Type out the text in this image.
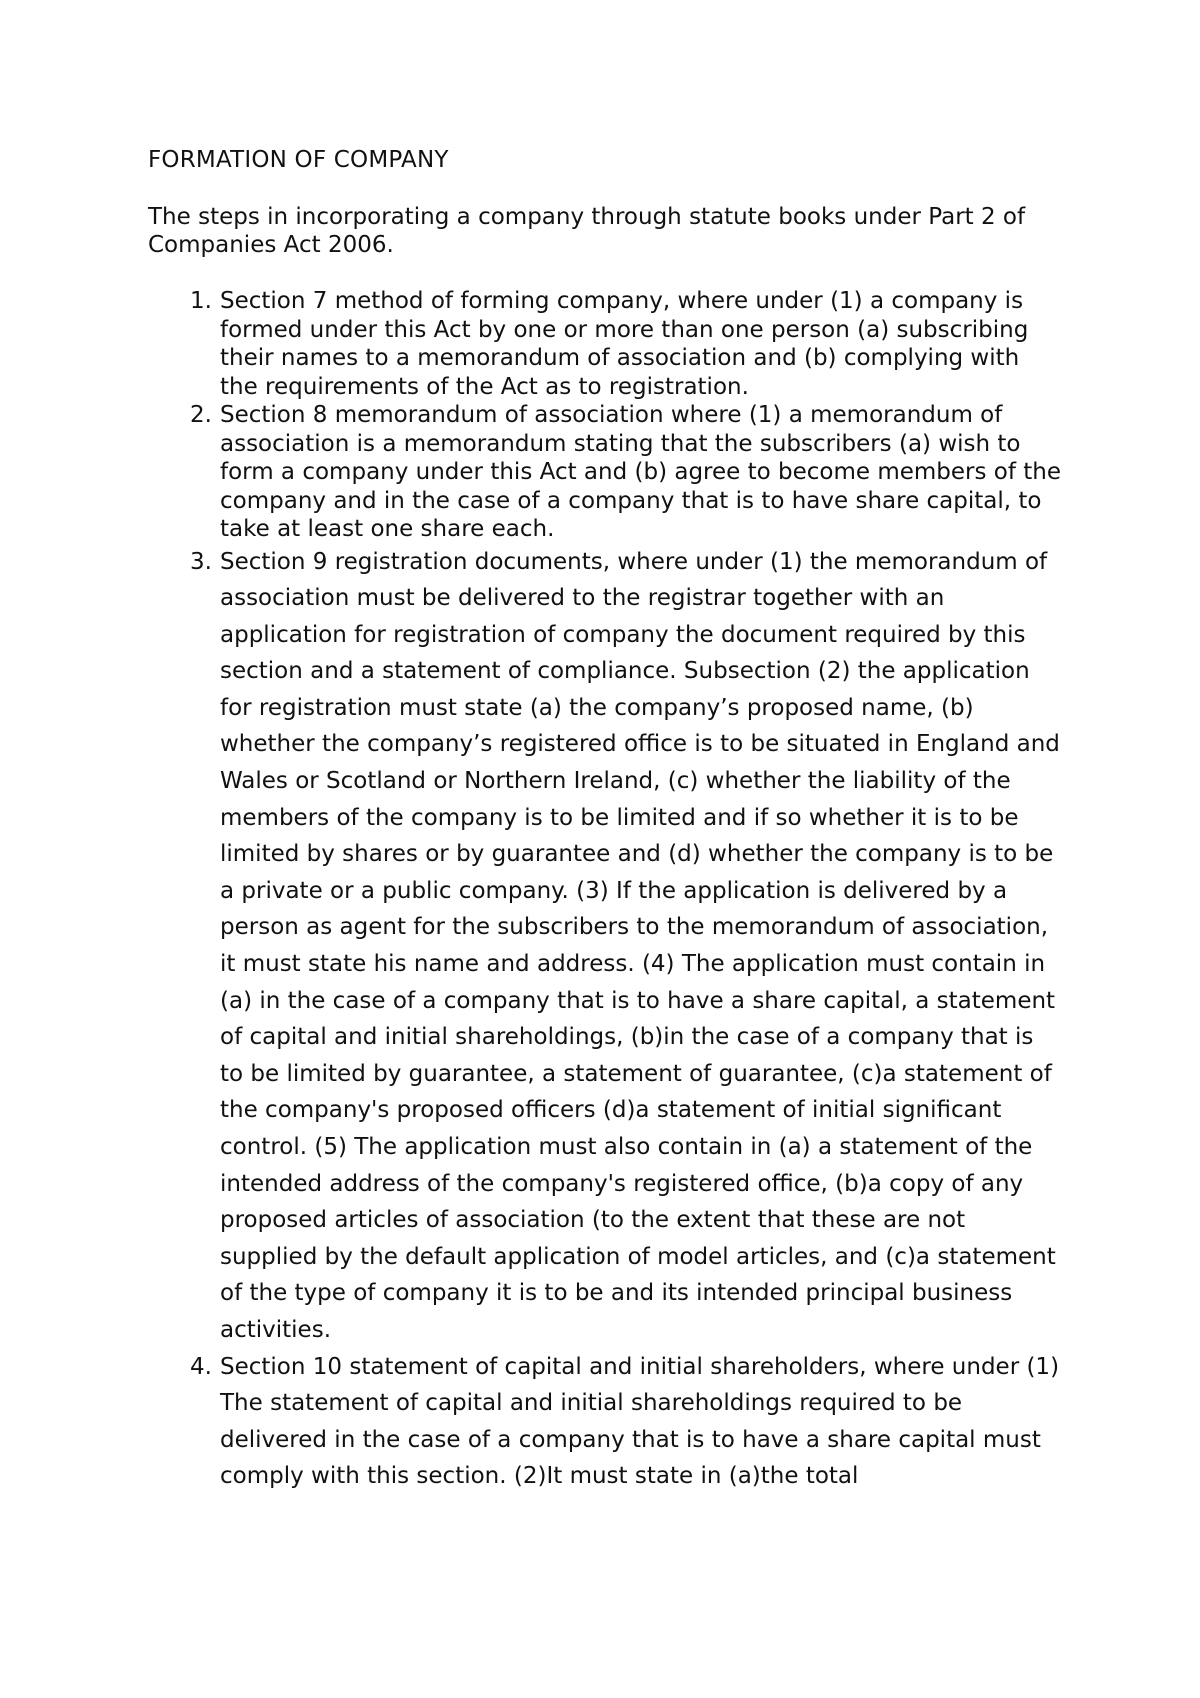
FORMATION OF COMPANY

The steps in incorporating a company through statute books under Part 2 of Companies Act 2006.

1. Section 7 method of forming company, where under (1) a company is formed under this Act by one or more than one person (a) subscribing their names to a memorandum of association and (b) complying with the requirements of the Act as to registration.
2. Section 8 memorandum of association where (1) a memorandum of association is a memorandum stating that the subscribers (a) wish to form a company under this Act and (b) agree to become members of the company and in the case of a company that is to have share capital, to take at least one share each.
3. Section 9 registration documents, where under (1) the memorandum of association must be delivered to the registrar together with an application for registration of company the document required by this section and a statement of compliance. Subsection (2) the application for registration must state (a) the company’s proposed name, (b) whether the company’s registered office is to be situated in England and Wales or Scotland or Northern Ireland, (c) whether the liability of the members of the company is to be limited and if so whether it is to be limited by shares or by guarantee and (d) whether the company is to be a private or a public company. (3) If the application is delivered by a person as agent for the subscribers to the memorandum of association, it must state his name and address. (4) The application must contain in (a) in the case of a company that is to have a share capital, a statement of capital and initial shareholdings, (b)in the case of a company that is to be limited by guarantee, a statement of guarantee, (c)a statement of the company's proposed officers (d)a statement of initial significant control. (5) The application must also contain in (a) a statement of the intended address of the company's registered office, (b)a copy of any proposed articles of association (to the extent that these are not supplied by the default application of model articles, and (c)a statement of the type of company it is to be and its intended principal business activities.
4. Section 10 statement of capital and initial shareholders, where under (1) The statement of capital and initial shareholdings required to be delivered in the case of a company that is to have a share capital must comply with this section. (2)It must state in (a)the total
